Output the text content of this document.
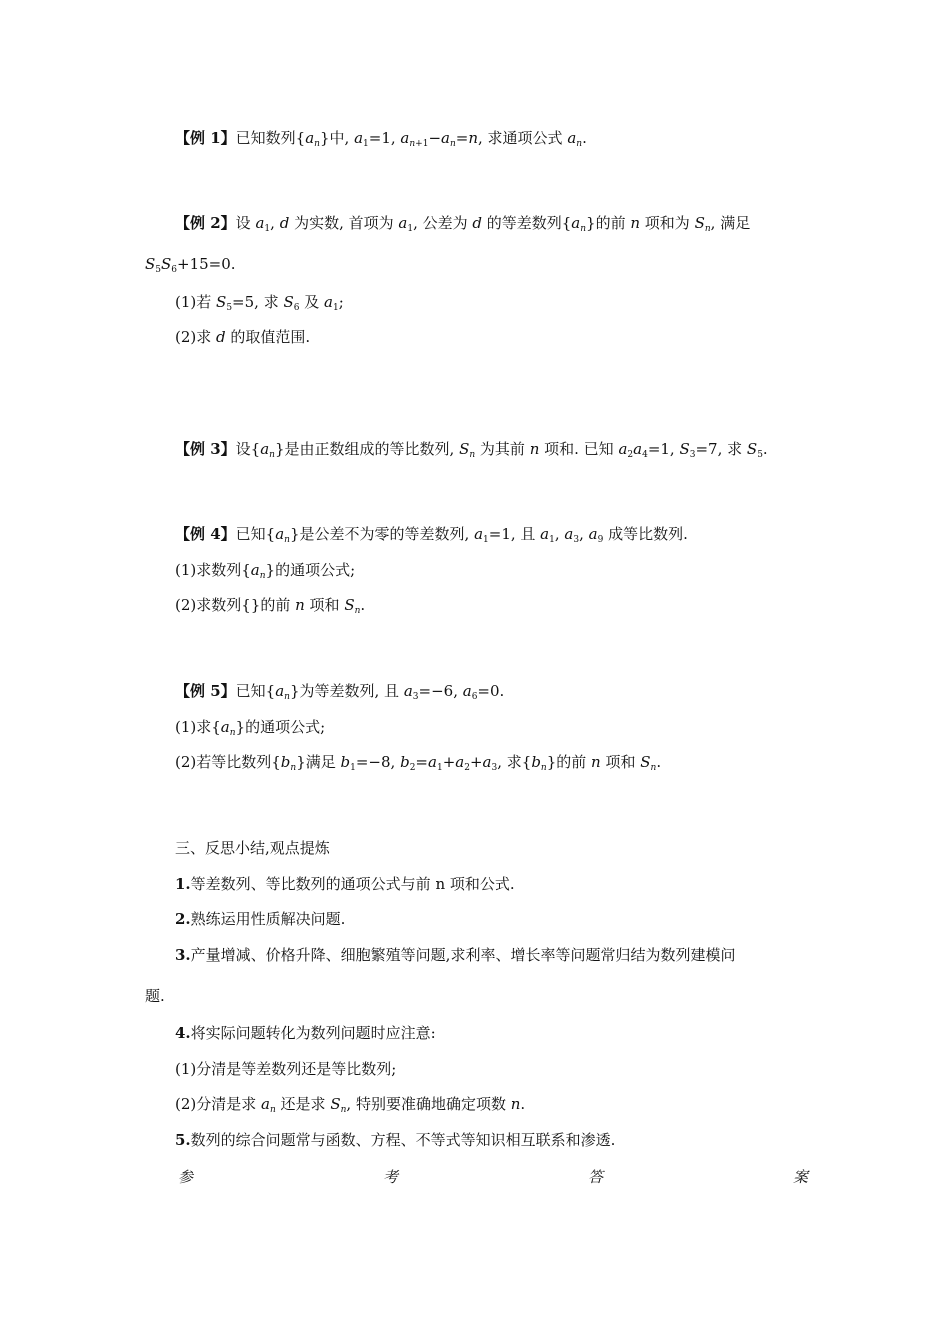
【例 1】已知数列$\{a_n\}$中, $a_1=1$, $a_{n+1}-a_n=n$, 求通项公式 $a_n$.
【例 2】设 $a_1$, d 为实数, 首项为 $a_1$, 公差为 d 的等差数列$\{a_n\}$的前 n 项和为 $S_n$, 满足
$S_5S_6+15=0$.
(1)若 $S_5=5$, 求 $S_6$ 及 $a_1$;
(2)求 d 的取值范围.
【例 3】设$\{a_n\}$是由正数组成的等比数列, $S_n$ 为其前 n 项和. 已知 $a_2a_4=1$, $S_3=7$, 求 $S_5$.
【例 4】已知$\{a_n\}$是公差不为零的等差数列, $a_1=1$, 且 $a_1$, $a_3$, $a_9$ 成等比数列.
(1)求数列$\{a_n\}$的通项公式;
(2)求数列{}的前 n 项和 $S_n$.
【例 5】已知$\{a_n\}$为等差数列, 且 $a_3=-6$, $a_6=0$.
(1)求$\{a_n\}$的通项公式;
(2)若等比数列$\{b_n\}$满足 $b_1=-8$, $b_2=a_1+a_2+a_3$, 求$\{b_n\}$的前 n 项和 $S_n$.
三、反思小结,观点提炼
1.等差数列、等比数列的通项公式与前 n 项和公式.
2.熟练运用性质解决问题.
3.产量增减、价格升降、细胞繁殖等问题,求利率、增长率等问题常归结为数列建模问
题.
4.将实际问题转化为数列问题时应注意:
(1)分清是等差数列还是等比数列;
(2)分清是求 $a_n$ 还是求 $S_n$, 特别要准确地确定项数 n.
5.数列的综合问题常与函数、方程、不等式等知识相互联系和渗透.
参	考	答	案
